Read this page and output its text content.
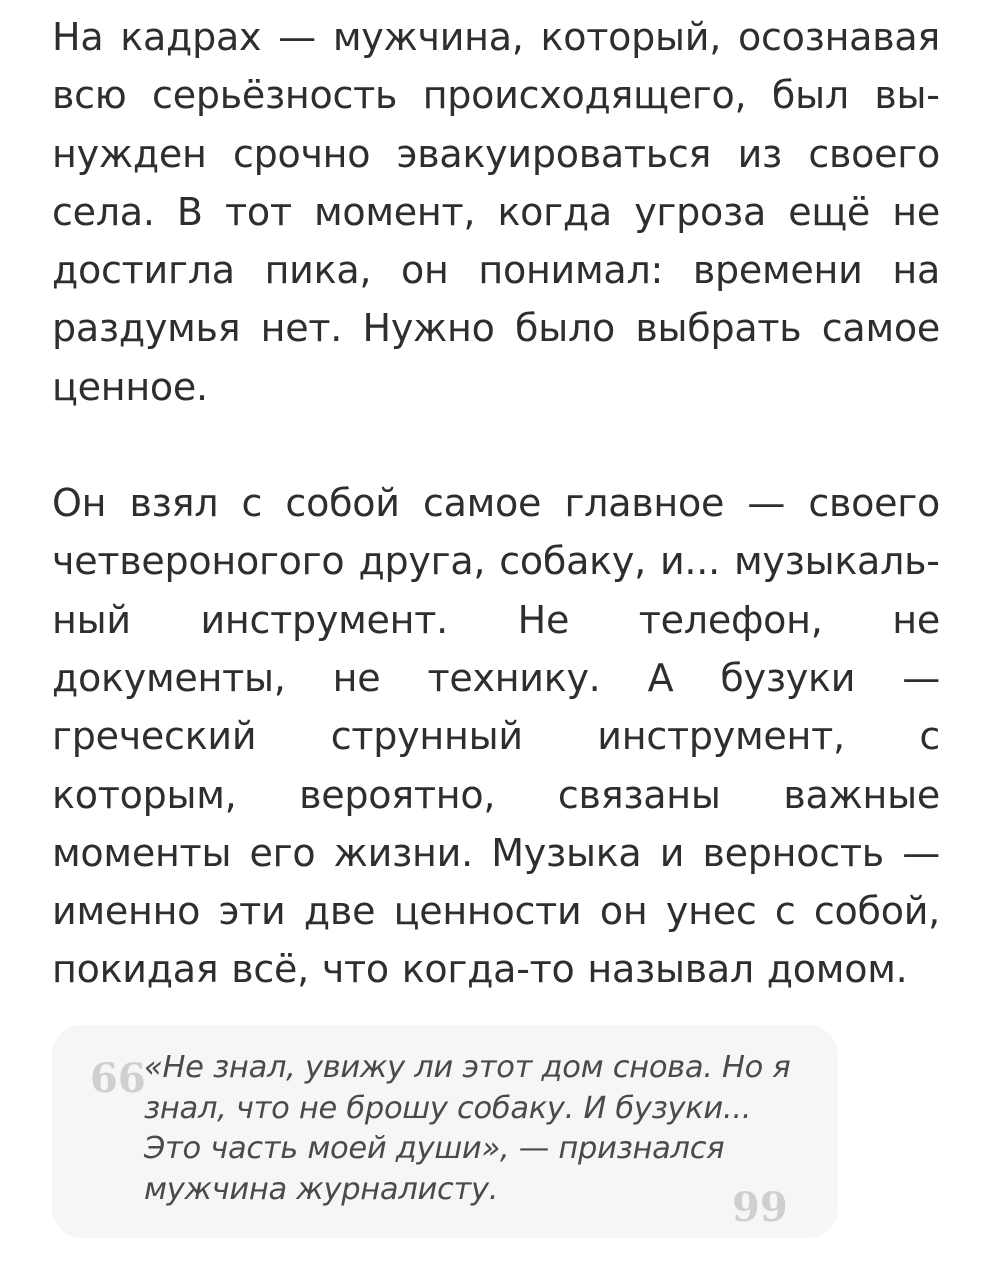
На кадрах — мужчина, который, осознавая всю серьёзность происходящего, был вынужден срочно эвакуироваться из своего села. В тот момент, когда угроза ещё не достигла пика, он понимал: времени на раздумья нет. Нужно было выбрать самое ценное.

Он взял с собой самое главное — своего четвероногого друга, собаку, и... музыкальный инструмент. Не телефон, не документы, не технику. А бузуки — греческий струнный инструмент, с которым, вероятно, связаны важные моменты его жизни. Музыка и верность — именно эти две ценности он унес с собой, покидая всё, что когда-то называл домом.

66

«Не знал, увижу ли этот дом снова. Но я знал, что не брошу собаку. И бузуки... Это часть моей души», — признался мужчина журналисту.	99
